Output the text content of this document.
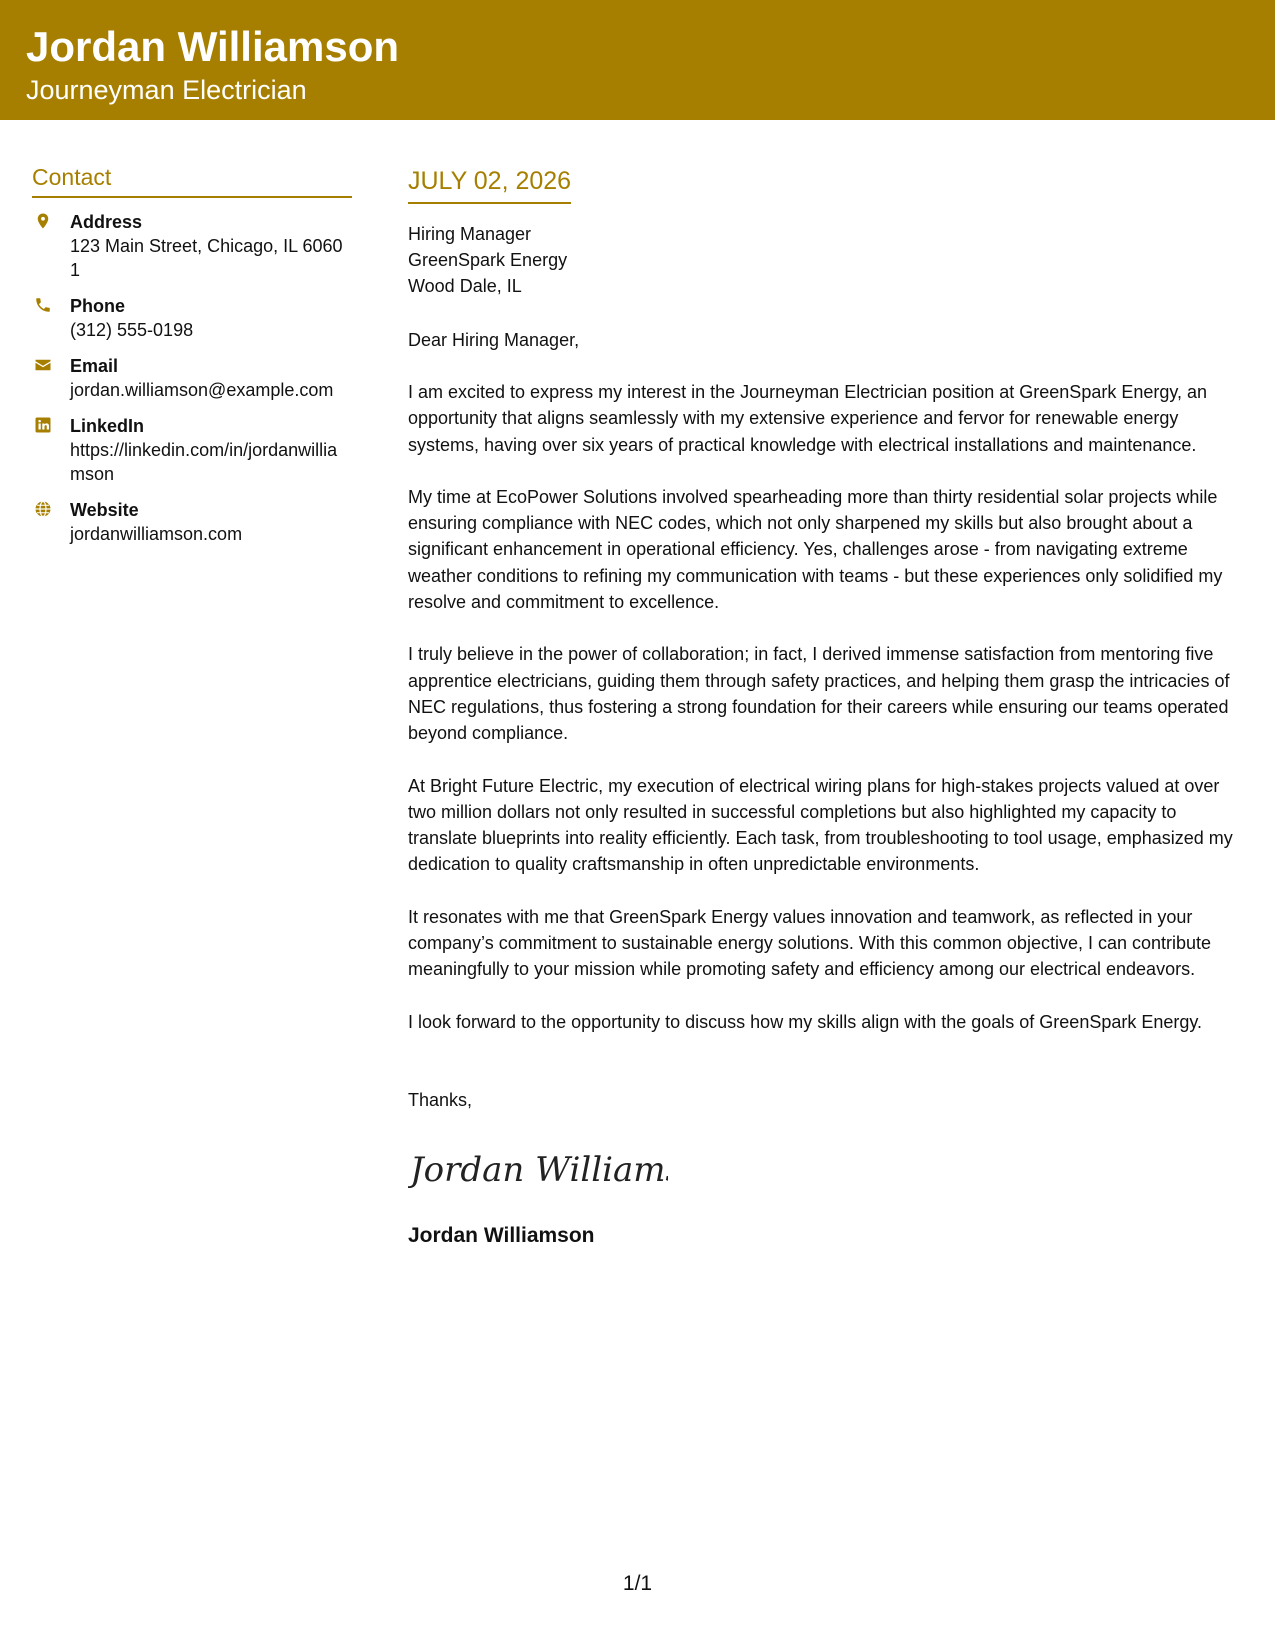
Jordan Williamson
Journeyman Electrician
Contact
Address
123 Main Street, Chicago, IL 60601
Phone
(312) 555-0198
Email
jordan.williamson@example.com
LinkedIn
https://linkedin.com/in/jordanwilliamson
Website
jordanwilliamson.com
JULY 02, 2026
Hiring Manager
GreenSpark Energy
Wood Dale, IL
Dear Hiring Manager,
I am excited to express my interest in the Journeyman Electrician position at GreenSpark Energy, an opportunity that aligns seamlessly with my extensive experience and fervor for renewable energy systems, having over six years of practical knowledge with electrical installations and maintenance.
My time at EcoPower Solutions involved spearheading more than thirty residential solar projects while ensuring compliance with NEC codes, which not only sharpened my skills but also brought about a significant enhancement in operational efficiency. Yes, challenges arose - from navigating extreme weather conditions to refining my communication with teams - but these experiences only solidified my resolve and commitment to excellence.
I truly believe in the power of collaboration; in fact, I derived immense satisfaction from mentoring five apprentice electricians, guiding them through safety practices, and helping them grasp the intricacies of NEC regulations, thus fostering a strong foundation for their careers while ensuring our teams operated beyond compliance.
At Bright Future Electric, my execution of electrical wiring plans for high-stakes projects valued at over two million dollars not only resulted in successful completions but also highlighted my capacity to translate blueprints into reality efficiently. Each task, from troubleshooting to tool usage, emphasized my dedication to quality craftsmanship in often unpredictable environments.
It resonates with me that GreenSpark Energy values innovation and teamwork, as reflected in your company’s commitment to sustainable energy solutions. With this common objective, I can contribute meaningfully to your mission while promoting safety and efficiency among our electrical endeavors.
I look forward to the opportunity to discuss how my skills align with the goals of GreenSpark Energy.
Thanks,
Jordan Williams
Jordan Williamson
1/1
